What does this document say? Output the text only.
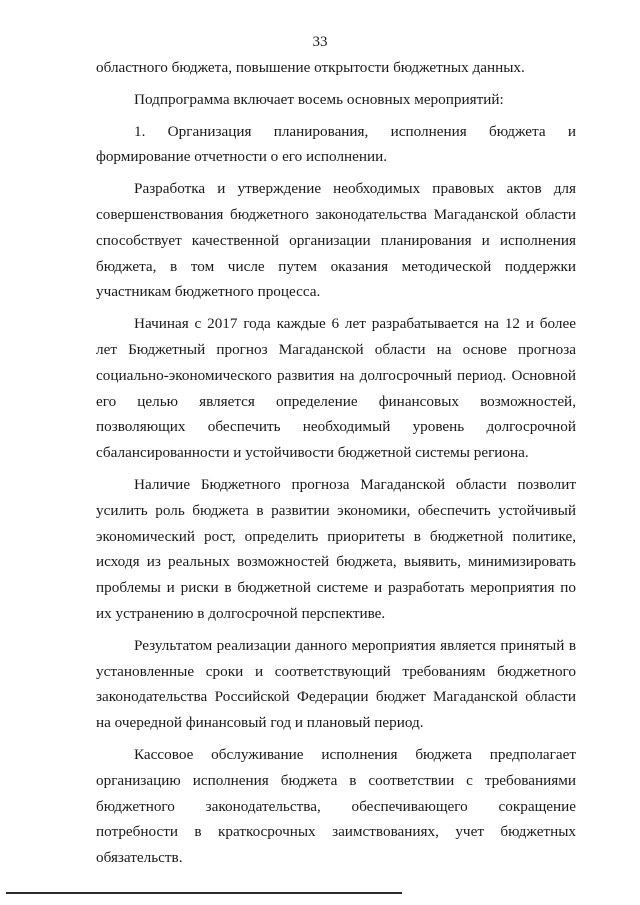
33

областного бюджета, повышение открытости бюджетных данных.

Подпрограмма включает восемь основных мероприятий:

1. Организация планирования, исполнения бюджета и формирование отчетности о его исполнении.

Разработка и утверждение необходимых правовых актов для совершенствования бюджетного законодательства Магаданской области способствует качественной организации планирования и исполнения бюджета, в том числе путем оказания методической поддержки участникам бюджетного процесса.

Начиная с 2017 года каждые 6 лет разрабатывается на 12 и более лет Бюджетный прогноз Магаданской области на основе прогноза социально-экономического развития на долгосрочный период. Основной его целью является определение финансовых возможностей, позволяющих обеспечить необходимый уровень долгосрочной сбалансированности и устойчивости бюджетной системы региона.

Наличие Бюджетного прогноза Магаданской области позволит усилить роль бюджета в развитии экономики, обеспечить устойчивый экономический рост, определить приоритеты в бюджетной политике, исходя из реальных возможностей бюджета, выявить, минимизировать проблемы и риски в бюджетной системе и разработать мероприятия по их устранению в долгосрочной перспективе.

Результатом реализации данного мероприятия является принятый в установленные сроки и соответствующий требованиям бюджетного законодательства Российской Федерации бюджет Магаданской области на очередной финансовый год и плановый период.

Кассовое обслуживание исполнения бюджета предполагает организацию исполнения бюджета в соответствии с требованиями бюджетного законодательства, обеспечивающего сокращение потребности в краткосрочных заимствованиях, учет бюджетных обязательств.
